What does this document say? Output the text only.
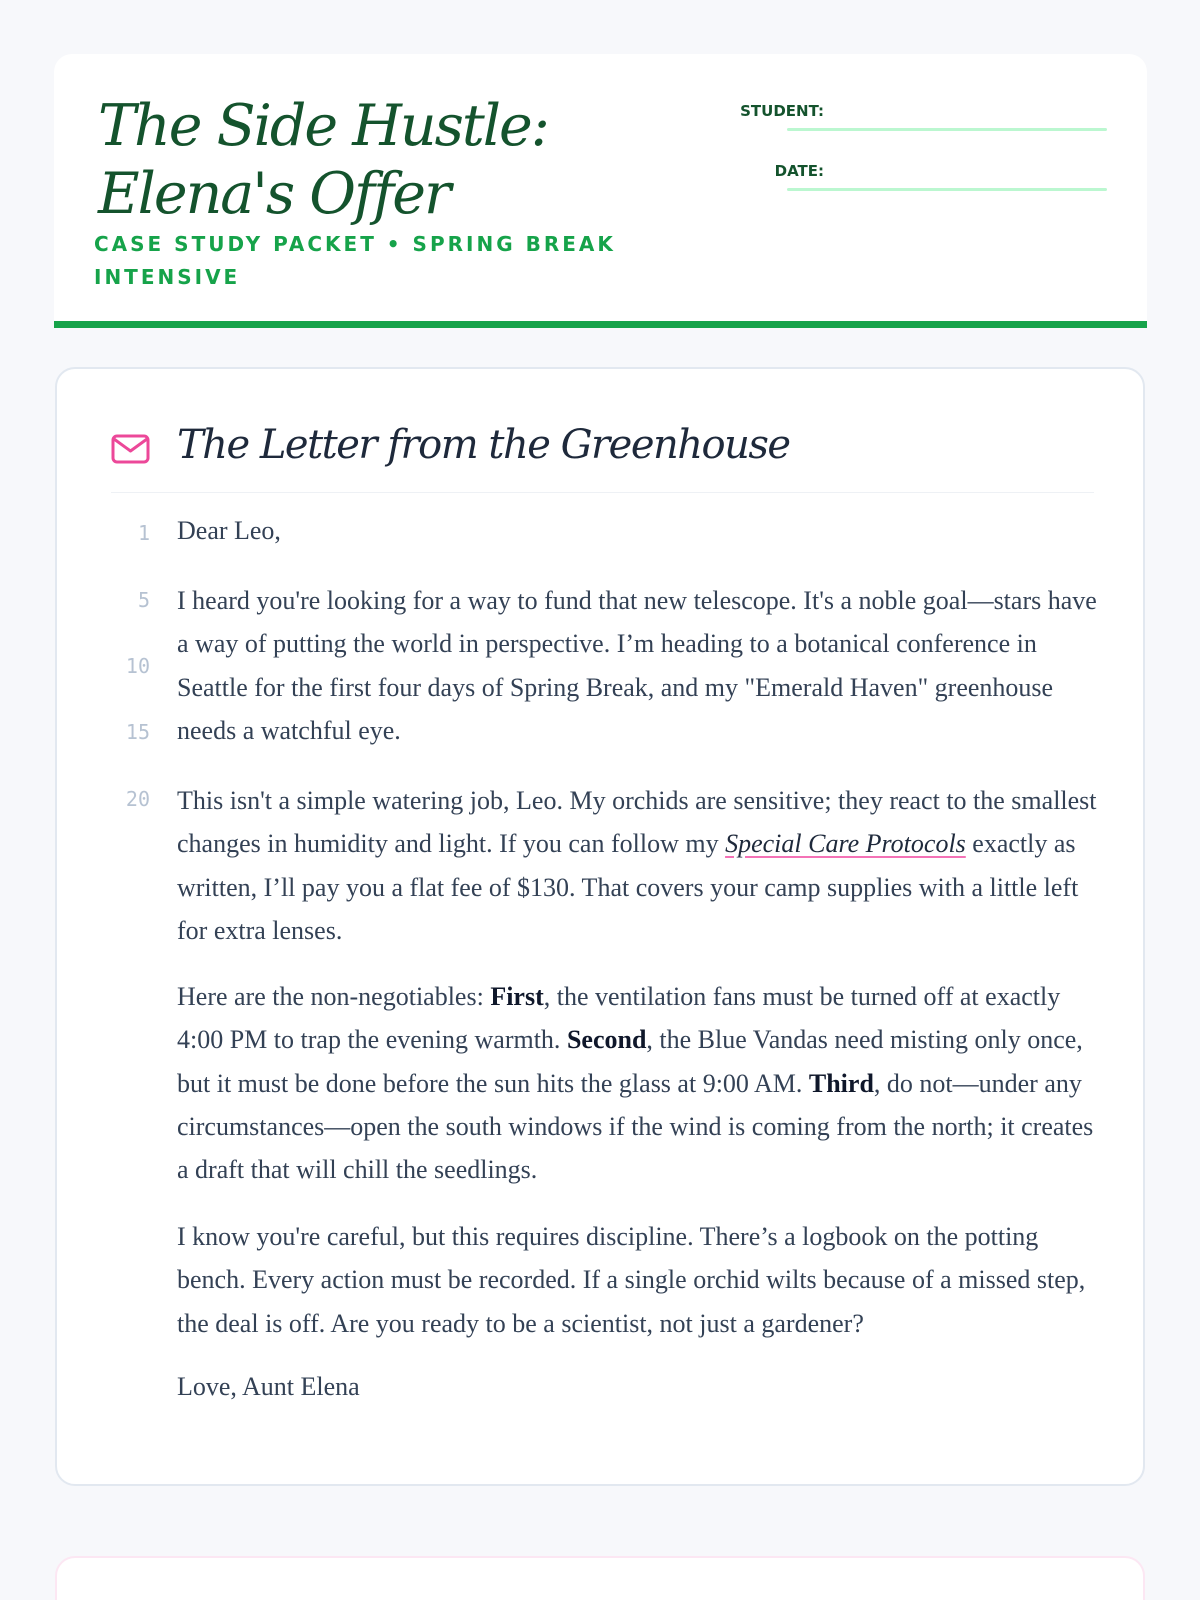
The Side Hustle:
Elena's Offer
CASE STUDY PACKET • SPRING BREAK INTENSIVE
STUDENT:
DATE:
The Letter from the Greenhouse
1
5
10
15
20
Dear Leo,

I heard you're looking for a way to fund that new telescope. It's a noble goal—stars have a way of putting the world in perspective. I’m heading to a botanical conference in Seattle for the first four days of Spring Break, and my "Emerald Haven" greenhouse needs a watchful eye.

This isn't a simple watering job, Leo. My orchids are sensitive; they react to the smallest changes in humidity and light. If you can follow my Special Care Protocols exactly as written, I’ll pay you a flat fee of $130. That covers your camp supplies with a little left for extra lenses.

Here are the non-negotiables: First, the ventilation fans must be turned off at exactly 4:00 PM to trap the evening warmth. Second, the Blue Vandas need misting only once, but it must be done before the sun hits the glass at 9:00 AM. Third, do not—under any circumstances—open the south windows if the wind is coming from the north; it creates a draft that will chill the seedlings.

I know you're careful, but this requires discipline. There’s a logbook on the potting bench. Every action must be recorded. If a single orchid wilts because of a missed step, the deal is off. Are you ready to be a scientist, not just a gardener?

Love, Aunt Elena
